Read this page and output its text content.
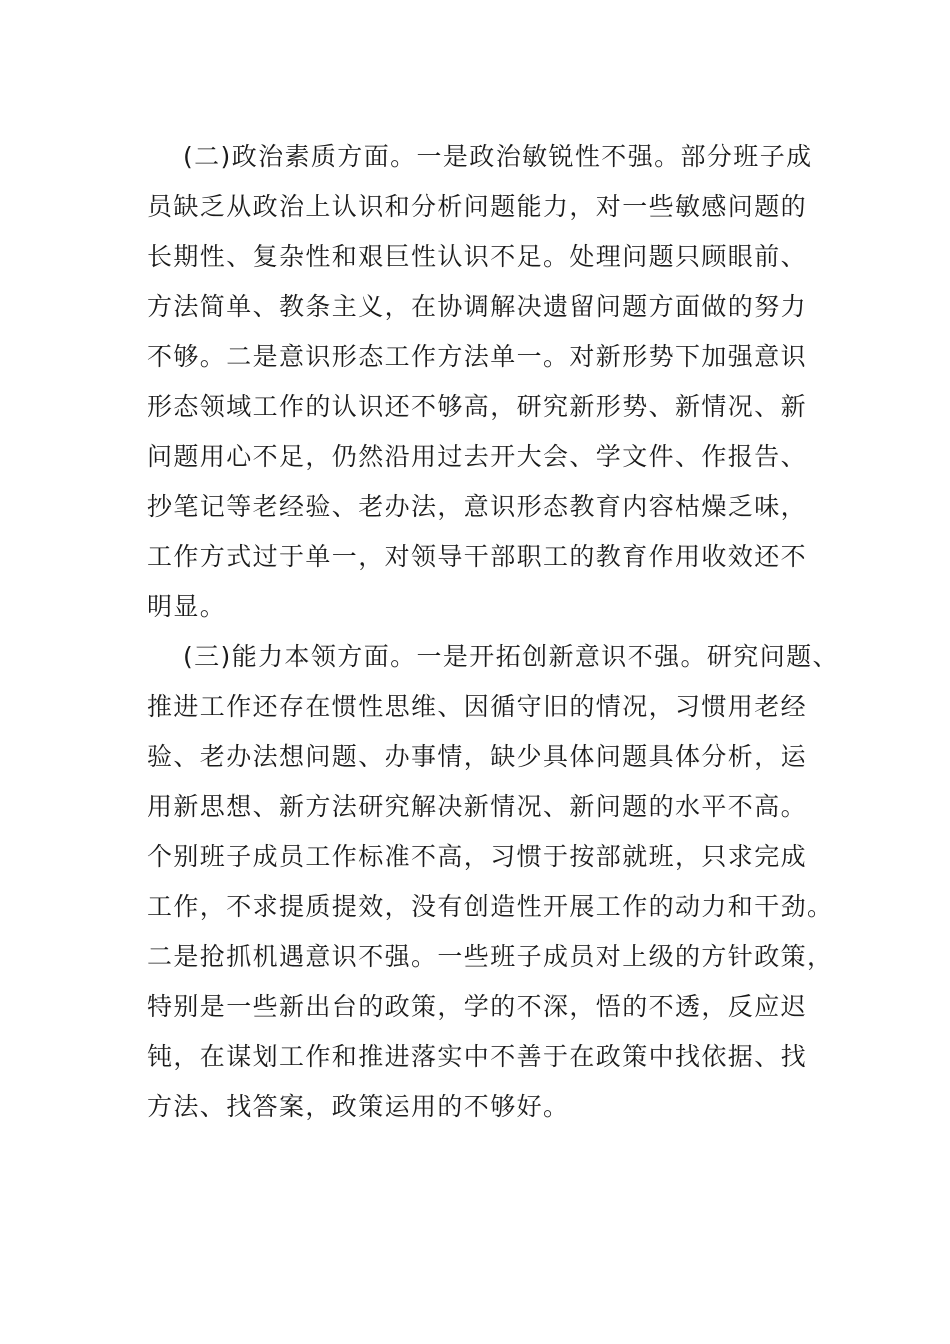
(二)政治素质方面。一是政治敏锐性不强。部分班子成
员缺乏从政治上认识和分析问题能力，对一些敏感问题的
长期性、复杂性和艰巨性认识不足。处理问题只顾眼前、
方法简单、教条主义，在协调解决遗留问题方面做的努力
不够。二是意识形态工作方法单一。对新形势下加强意识
形态领域工作的认识还不够高，研究新形势、新情况、新
问题用心不足，仍然沿用过去开大会、学文件、作报告、
抄笔记等老经验、老办法，意识形态教育内容枯燥乏味，
工作方式过于单一，对领导干部职工的教育作用收效还不
明显。
(三)能力本领方面。一是开拓创新意识不强。研究问题、
推进工作还存在惯性思维、因循守旧的情况，习惯用老经
验、老办法想问题、办事情，缺少具体问题具体分析，运
用新思想、新方法研究解决新情况、新问题的水平不高。
个别班子成员工作标准不高，习惯于按部就班，只求完成
工作，不求提质提效，没有创造性开展工作的动力和干劲。
二是抢抓机遇意识不强。一些班子成员对上级的方针政策，
特别是一些新出台的政策，学的不深，悟的不透，反应迟
钝，在谋划工作和推进落实中不善于在政策中找依据、找
方法、找答案，政策运用的不够好。
